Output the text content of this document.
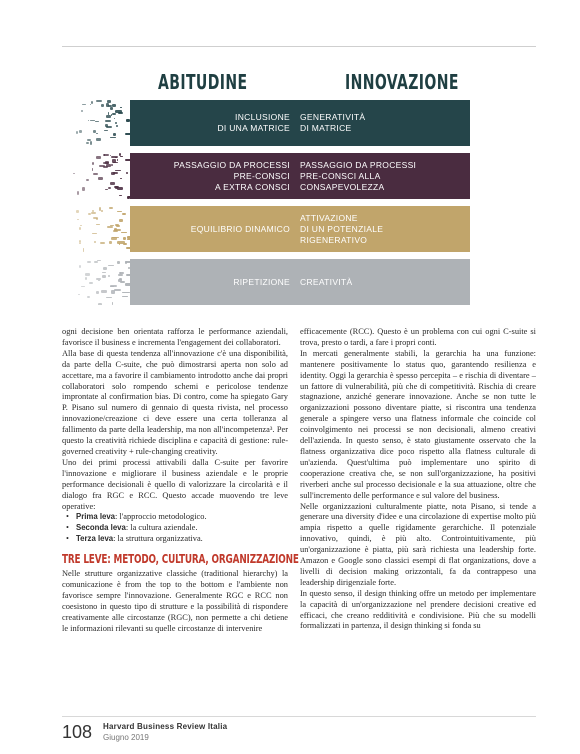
ABITUDINE	INNOVAZIONE
INCLUSIONE
DI UNA MATRICE
GENERATIVITÀ
DI MATRICE
PASSAGGIO DA PROCESSI
PRE-CONSCI
A EXTRA CONSCI
PASSAGGIO DA PROCESSI
PRE-CONSCI ALLA
CONSAPEVOLEZZA
EQUILIBRIO DINAMICO
ATTIVAZIONE
DI UN POTENZIALE
RIGENERATIVO
RIPETIZIONE CREATIVITÀ

ogni decisione ben orientata rafforza le performance aziendali, favorisce il business e incrementa l'engagement dei collaboratori.

Alla base di questa tendenza all'innovazione c'è una disponibilità, da parte della C-suite, che può dimostrarsi aperta non solo ad accettare, ma a favorire il cambiamento introdotto anche dai propri collaboratori solo rompendo schemi e pericolose tendenze improntate al confirmation bias. Di contro, come ha spiegato Gary P. Pisano sul numero di gennaio di questa rivista, nel processo innovazione/creazione ci deve essere una certa tolleranza al fallimento da parte della leadership, ma non all'incompetenza³. Per questo la creatività richiede disciplina e capacità di gestione: rule-governed creativity + rule-changing creativity.

Uno dei primi processi attivabili dalla C-suite per favorire l'innovazione e migliorare il business aziendale e le proprie performance decisionali è quello di valorizzare la circolarità e il dialogo fra RGC e RCC. Questo accade muovendo tre leve operative:

• Prima leva: l'approccio metodologico.
• Seconda leva: la cultura aziendale.
• Terza leva: la struttura organizzativa.
TRE LEVE: METODO, CULTURA, ORGANIZZAZIONE

Nelle strutture organizzative classiche (traditional hierarchy) la comunicazione è from the top to the bottom e l'ambiente non favorisce sempre l'innovazione. Generalmente RGC e RCC non coesistono in questo tipo di strutture e la possibilità di rispondere creativamente alle circostanze (RGC), non permette a chi detiene le informazioni rilevanti su quelle circostanze di intervenire

efficacemente (RCC). Questo è un problema con cui ogni C-suite si trova, presto o tardi, a fare i propri conti.

In mercati generalmente stabili, la gerarchia ha una funzione: mantenere positivamente lo status quo, garantendo resilienza e identity. Oggi la gerarchia è spesso percepita – e rischia di diventare – un fattore di vulnerabilità, più che di competitività. Rischia di creare stagnazione, anziché generare innovazione. Anche se non tutte le organizzazioni possono diventare piatte, si riscontra una tendenza generale a spingere verso una flatness informale che coincide col coinvolgimento nei processi se non decisionali, almeno creativi dell'azienda. In questo senso, è stato giustamente osservato che la flatness organizzativa dice poco rispetto alla flatness culturale di un'azienda. Quest'ultima può implementare uno spirito di cooperazione creativa che, se non sull'organizzazione, ha positivi riverberi anche sul processo decisionale e la sua attuazione, oltre che sull'incremento delle performance e sul valore del business.

Nelle organizzazioni culturalmente piatte, nota Pisano, si tende a generare una diversity d'idee e una circolazione di expertise molto più ampia rispetto a quelle rigidamente gerarchiche. Il potenziale innovativo, quindi, è più alto. Controintuitivamente, più un'organizzazione è piatta, più sarà richiesta una leadership forte. Amazon e Google sono classici esempi di flat organizations, dove a livelli di decision making orizzontali, fa da contrappeso una leadership dirigenziale forte.

In questo senso, il design thinking offre un metodo per implementare la capacità di un'organizzazione nel prendere decisioni creative ed efficaci, che creano redditività e condivisione. Più che su modelli formalizzati in partenza, il design thinking si fonda su

108 Harvard Business Review Italia
Giugno 2019
